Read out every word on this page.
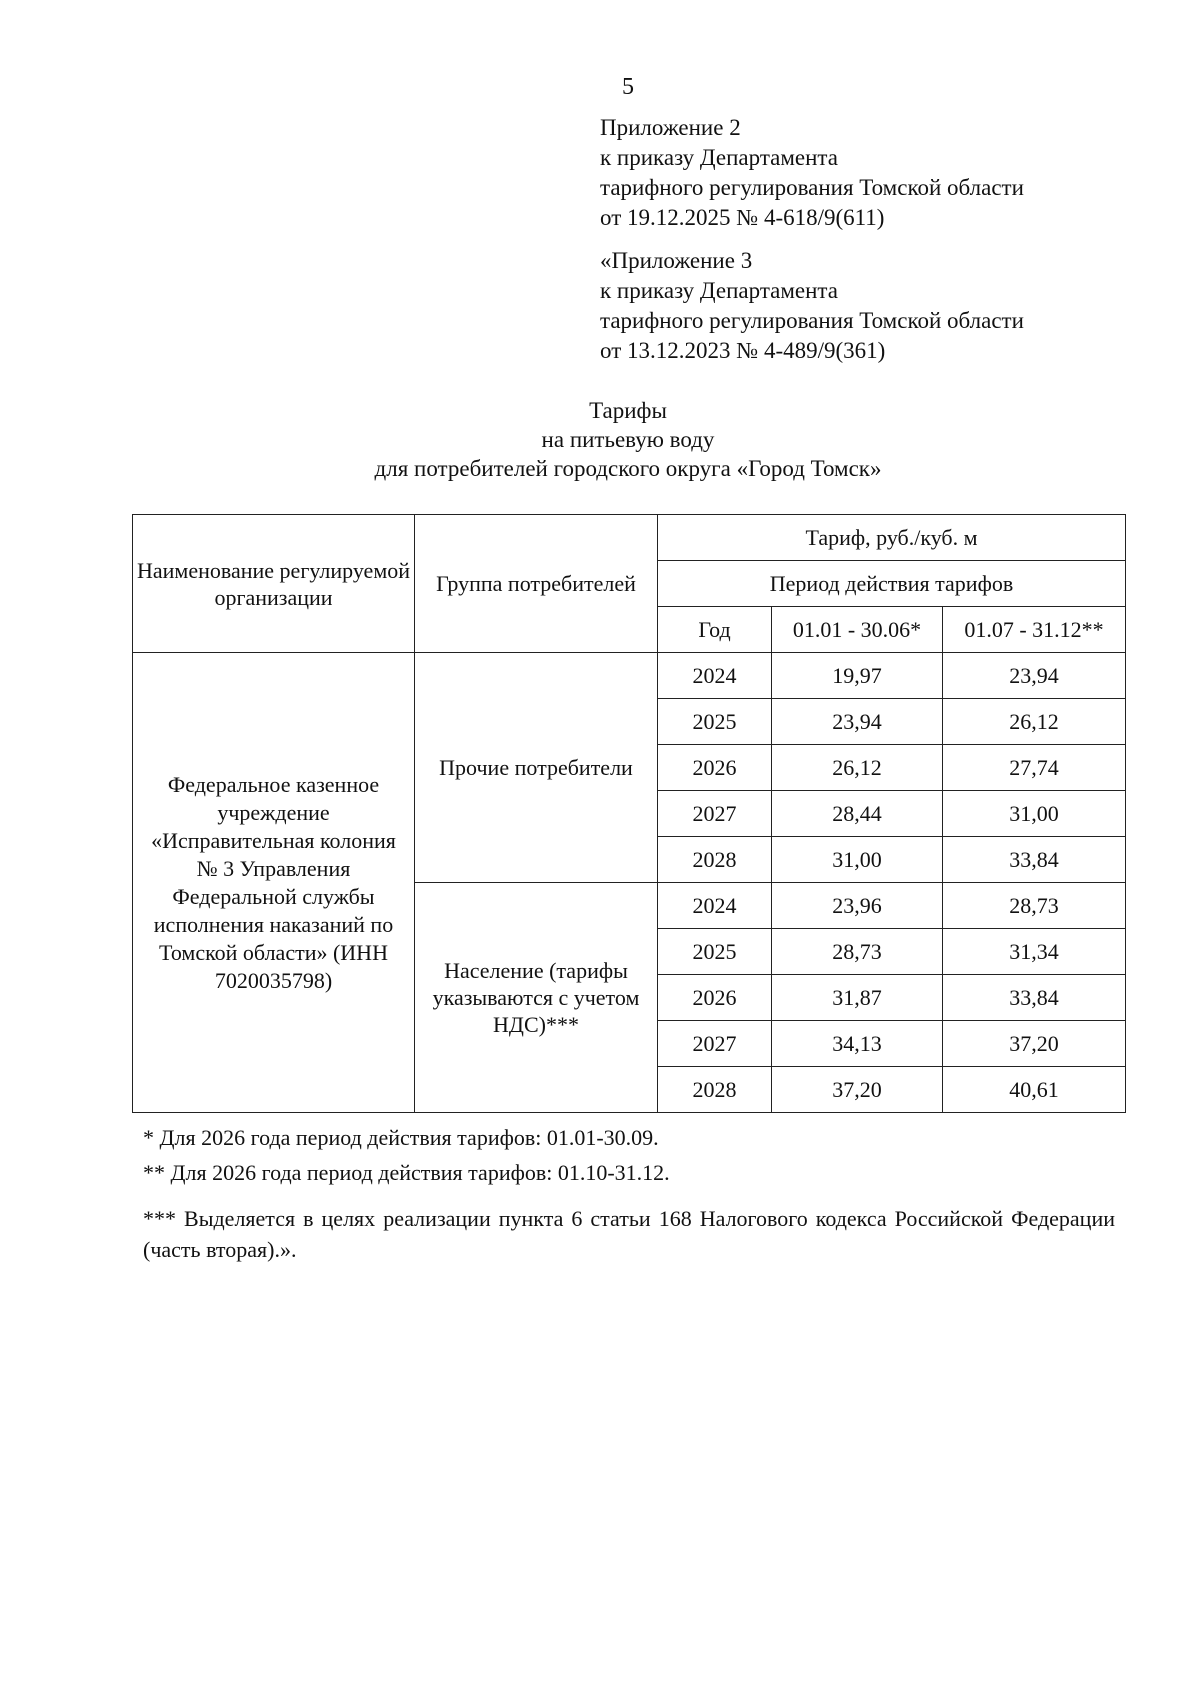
5
Приложение 2
к приказу Департамента
тарифного регулирования Томской области
от 19.12.2025 № 4-618/9(611)
«Приложение 3
к приказу Департамента
тарифного регулирования Томской области
от 13.12.2023 № 4-489/9(361)
Тарифы
на питьевую воду
для потребителей городского округа «Город Томск»
Наименование регулируемой организации	Группа потребителей	Тариф, руб./куб. м		
		Период действия тарифов		
		Год	01.01 - 30.06*	01.07 - 31.12**
Федеральное казенное учреждение «Исправительная колония № 3 Управления Федеральной службы исполнения наказаний по Томской области» (ИНН 7020035798)	Прочие потребители	2024	19,97	23,94
		2025	23,94	26,12
		2026	26,12	27,74
		2027	28,44	31,00
		2028	31,00	33,84
	Население (тарифы указываются с учетом НДС)***	2024	23,96	28,73
		2025	28,73	31,34
		2026	31,87	33,84
		2027	34,13	37,20
		2028	37,20	40,61
* Для 2026 года период действия тарифов: 01.01-30.09.
** Для 2026 года период действия тарифов: 01.10-31.12.
*** Выделяется в целях реализации пункта 6 статьи 168 Налогового кодекса Российской Федерации (часть вторая).».
